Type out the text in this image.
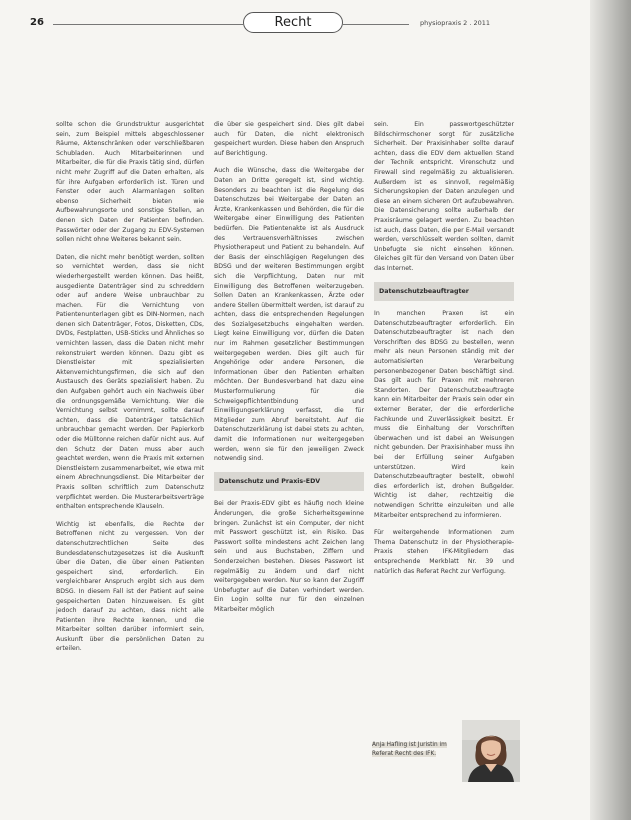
26	Recht	physiopraxis 2 . 2011

sollte schon die Grundstruktur ausgerichtet sein, zum Beispiel mittels abgeschlossener Räume, Aktenschränken oder verschließbaren Schubladen. Auch Mitarbeiterinnen und Mitarbeiter, die für die Praxis tätig sind, dürfen nicht mehr Zugriff auf die Daten erhalten, als für ihre Aufgaben erforderlich ist. Türen und Fenster oder auch Alarmanlagen sollten ebenso Sicherheit bieten wie Aufbewahrungsorte und sonstige Stellen, an denen sich Daten der Patienten befinden. Passwörter oder der Zugang zu EDV-Systemen sollen nicht ohne Weiteres bekannt sein.

Daten, die nicht mehr benötigt werden, sollten so vernichtet werden, dass sie nicht wiederhergestellt werden können. Das heißt, ausgediente Datenträger sind zu schreddern oder auf andere Weise unbrauchbar zu machen. Für die Vernichtung von Patientenunterlagen gibt es DIN-Normen, nach denen sich Datenträger, Fotos, Disketten, CDs, DVDs, Festplatten, USB-Sticks und Ähnliches so vernichten lassen, dass die Daten nicht mehr rekonstruiert werden können. Dazu gibt es Dienstleister mit spezialisierten Aktenvernichtungsfirmen, die sich auf den Austausch des Geräts spezialisiert haben. Zu den Aufgaben gehört auch ein Nachweis über die ordnungsgemäße Vernichtung. Wer die Vernichtung selbst vornimmt, sollte darauf achten, dass die Datenträger tatsächlich unbrauchbar gemacht werden. Der Papierkorb oder die Mülltonne reichen dafür nicht aus. Auf den Schutz der Daten muss aber auch geachtet werden, wenn die Praxis mit externen Dienstleistern zusammenarbeitet, wie etwa mit einem Abrechnungsdienst. Die Mitarbeiter der Praxis sollten schriftlich zum Datenschutz verpflichtet werden. Die Musterarbeitsverträge enthalten entsprechende Klauseln.

Wichtig ist ebenfalls, die Rechte der Betroffenen nicht zu vergessen. Von der datenschutzrechtlichen Seite des Bundesdatenschutzgesetzes ist die Auskunft über die Daten, die über einen Patienten gespeichert sind, erforderlich. Ein vergleichbarer Anspruch ergibt sich aus dem BDSG. In diesem Fall ist der Patient auf seine gespeicherten Daten hinzuweisen. Es gibt jedoch darauf zu achten, dass nicht alle Patienten ihre Rechte kennen, und die Mitarbeiter sollten darüber informiert sein, Auskunft über die persönlichen Daten zu erteilen.

die über sie gespeichert sind. Dies gilt dabei auch für Daten, die nicht elektronisch gespeichert wurden. Diese haben den Anspruch auf Berichtigung.

Auch die Wünsche, dass die Weitergabe der Daten an Dritte geregelt ist, sind wichtig. Besonders zu beachten ist die Regelung des Datenschutzes bei Weitergabe der Daten an Ärzte, Krankenkassen und Behörden, die für die Weitergabe einer Einwilligung des Patienten bedürfen. Die Patientenakte ist als Ausdruck des Vertrauensverhältnisses zwischen Physiotherapeut und Patient zu behandeln. Auf der Basis der einschlägigen Regelungen des BDSG und der weiteren Bestimmungen ergibt sich die Verpflichtung, Daten nur mit Einwilligung des Betroffenen weiterzugeben. Sollen Daten an Krankenkassen, Ärzte oder andere Stellen übermittelt werden, ist darauf zu achten, dass die entsprechenden Regelungen des Sozialgesetzbuchs eingehalten werden. Liegt keine Einwilligung vor, dürfen die Daten nur im Rahmen gesetzlicher Bestimmungen weitergegeben werden. Dies gilt auch für Angehörige oder andere Personen, die Informationen über den Patienten erhalten möchten. Der Bundesverband hat dazu eine Musterformulierung für die Schweigepflichtentbindung und Einwilligungserklärung verfasst, die für Mitglieder zum Abruf bereitsteht. Auf die Datenschutzerklärung ist dabei stets zu achten, damit die Informationen nur weitergegeben werden, wenn sie für den jeweiligen Zweck notwendig sind.

Datenschutz und Praxis-EDV

Bei der Praxis-EDV gibt es häufig noch kleine Änderungen, die große Sicherheitsgewinne bringen. Zunächst ist ein Computer, der nicht mit Passwort geschützt ist, ein Risiko. Das Passwort sollte mindestens acht Zeichen lang sein und aus Buchstaben, Ziffern und Sonderzeichen bestehen. Dieses Passwort ist regelmäßig zu ändern und darf nicht weitergegeben werden. Nur so kann der Zugriff Unbefugter auf die Daten verhindert werden. Ein Login sollte nur für den einzelnen Mitarbeiter möglich

sein. Ein passwortgeschützter Bildschirmschoner sorgt für zusätzliche Sicherheit. Der Praxisinhaber sollte darauf achten, dass die EDV dem aktuellen Stand der Technik entspricht. Virenschutz und Firewall sind regelmäßig zu aktualisieren. Außerdem ist es sinnvoll, regelmäßig Sicherungskopien der Daten anzulegen und diese an einem sicheren Ort aufzubewahren. Die Datensicherung sollte außerhalb der Praxisräume gelagert werden. Zu beachten ist auch, dass Daten, die per E-Mail versandt werden, verschlüsselt werden sollten, damit Unbefugte sie nicht einsehen können. Gleiches gilt für den Versand von Daten über das Internet.

Datenschutzbeauftragter

In manchen Praxen ist ein Datenschutzbeauftragter erforderlich. Ein Datenschutzbeauftragter ist nach den Vorschriften des BDSG zu bestellen, wenn mehr als neun Personen ständig mit der automatisierten Verarbeitung personenbezogener Daten beschäftigt sind. Das gilt auch für Praxen mit mehreren Standorten. Der Datenschutzbeauftragte kann ein Mitarbeiter der Praxis sein oder ein externer Berater, der die erforderliche Fachkunde und Zuverlässigkeit besitzt. Er muss die Einhaltung der Vorschriften überwachen und ist dabei an Weisungen nicht gebunden. Der Praxisinhaber muss ihn bei der Erfüllung seiner Aufgaben unterstützen. Wird kein Datenschutzbeauftragter bestellt, obwohl dies erforderlich ist, drohen Bußgelder. Wichtig ist daher, rechtzeitig die notwendigen Schritte einzuleiten und alle Mitarbeiter entsprechend zu informieren.

Für weitergehende Informationen zum Thema Datenschutz in der Physiotherapie-Praxis stehen IFK-Mitgliedern das entsprechende Merkblatt Nr. 39 und natürlich das Referat Recht zur Verfügung.

Anja Hafling ist Juristin im Referat Recht des IFK.
